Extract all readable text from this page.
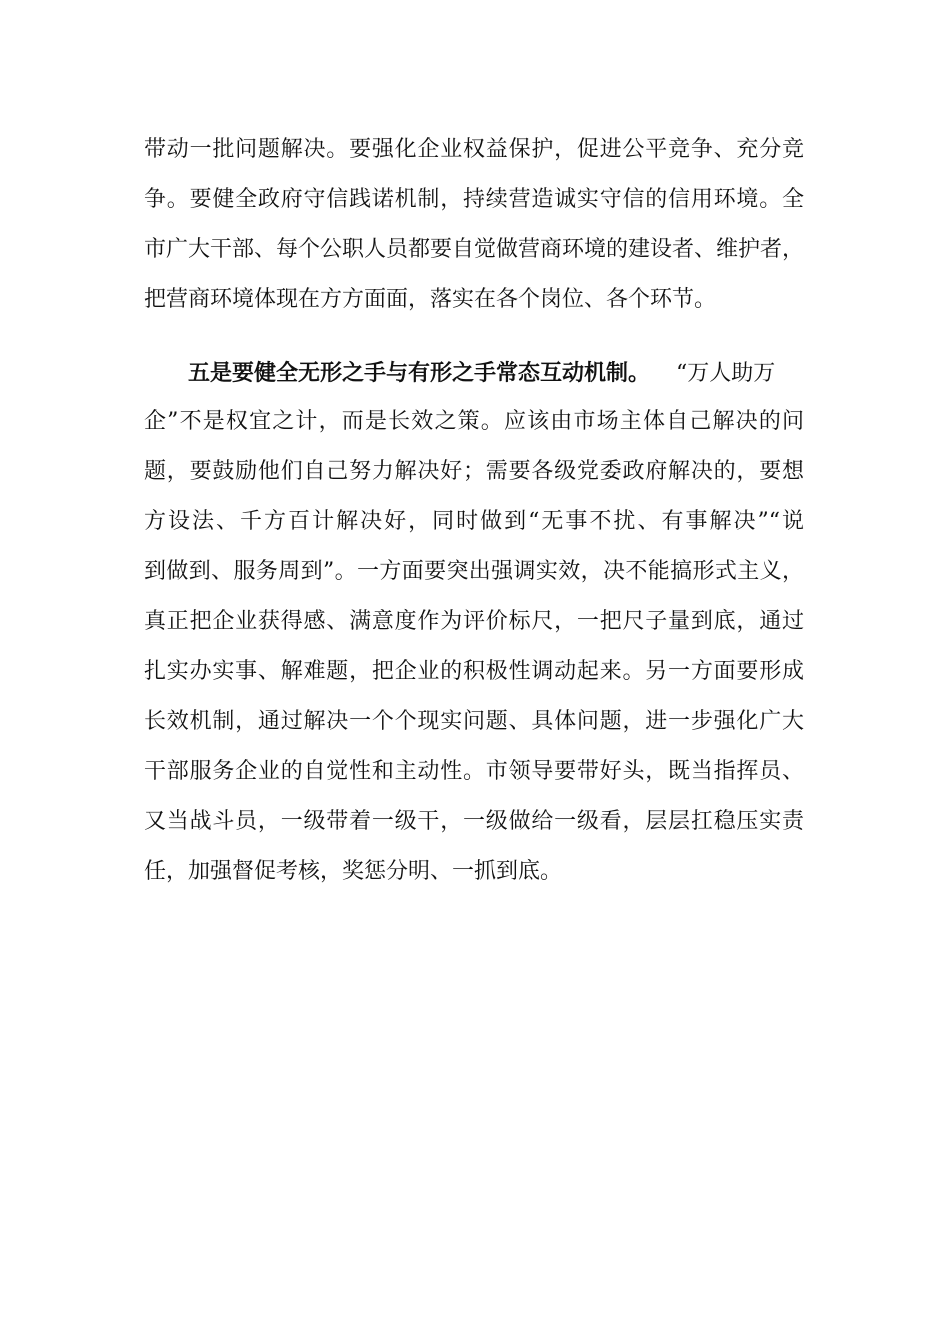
带动一批问题解决。要强化企业权益保护，促进公平竞争、充分竞
争。要健全政府守信践诺机制，持续营造诚实守信的信用环境。全
市广大干部、每个公职人员都要自觉做营商环境的建设者、维护者，
把营商环境体现在方方面面，落实在各个岗位、各个环节。
五是要健全无形之手与有形之手常态互动机制。 “万人助万
企”不是权宜之计，而是长效之策。应该由市场主体自己解决的问
题，要鼓励他们自己努力解决好；需要各级党委政府解决的，要想
方设法、千方百计解决好，同时做到“无事不扰、有事解决”“说
到做到、服务周到”。一方面要突出强调实效，决不能搞形式主义，
真正把企业获得感、满意度作为评价标尺，一把尺子量到底，通过
扎实办实事、解难题，把企业的积极性调动起来。另一方面要形成
长效机制，通过解决一个个现实问题、具体问题，进一步强化广大
干部服务企业的自觉性和主动性。市领导要带好头，既当指挥员、
又当战斗员，一级带着一级干，一级做给一级看，层层扛稳压实责
任，加强督促考核，奖惩分明、一抓到底。
